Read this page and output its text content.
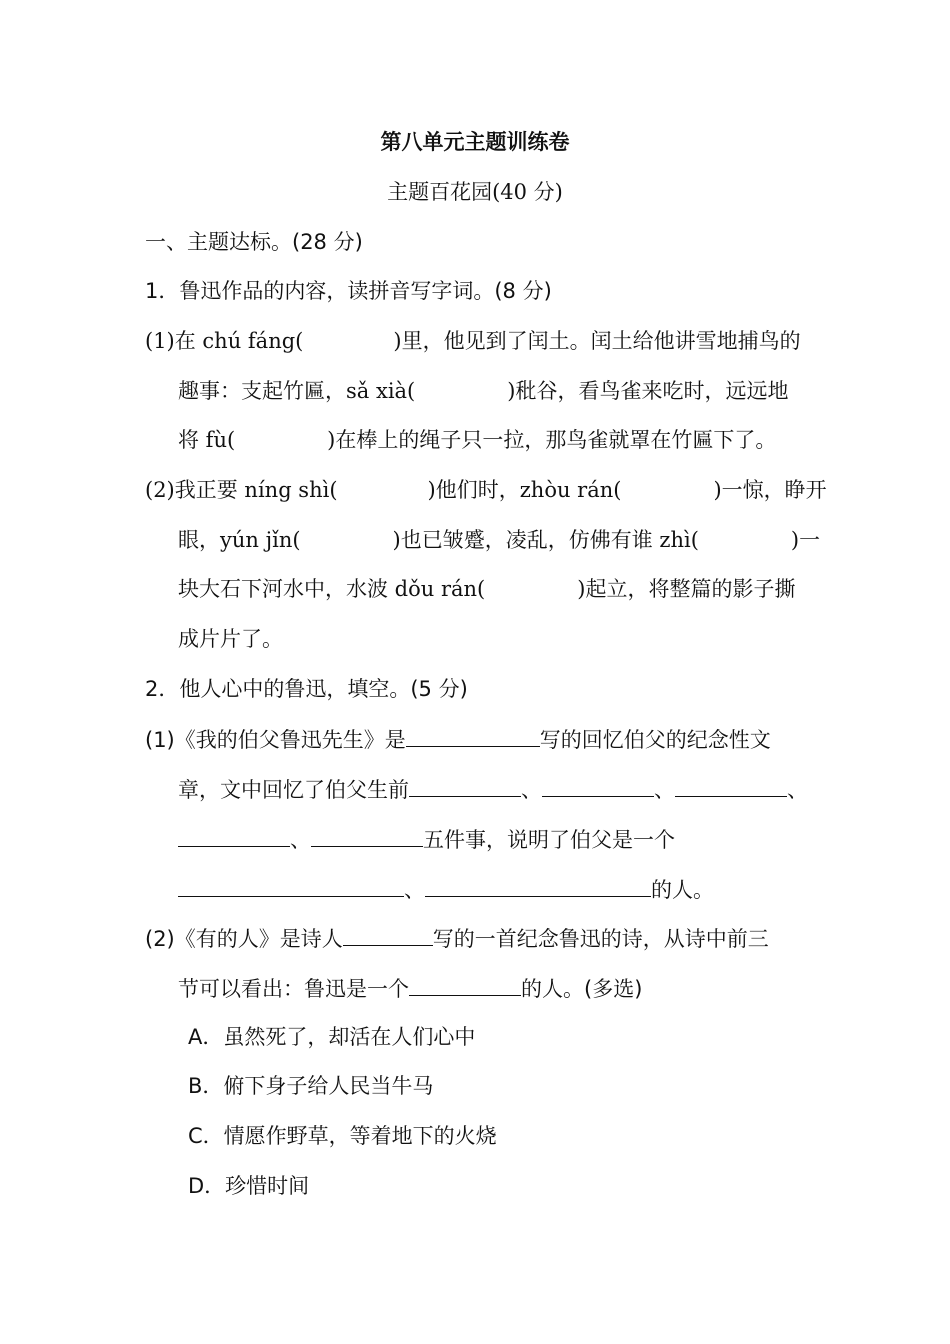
第八单元主题训练卷
主题百花园(40 分)
一、主题达标。(28 分)
1．鲁迅作品的内容，读拼音写字词。(8 分)
(1)在 chú fáng(	)里，他见到了闰土。闰土给他讲雪地捕鸟的
趣事：支起竹匾，sǎ xià(	)秕谷，看鸟雀来吃时，远远地
将 fù(	)在棒上的绳子只一拉，那鸟雀就罩在竹匾下了。
(2)我正要 níng shì(	)他们时，zhòu rán(	)一惊，睁开
眼，yún jǐn(	)也已皱蹙，凌乱，仿佛有谁 zhì(	)一
块大石下河水中，水波 dǒu rán(	)起立，将整篇的影子撕
成片片了。
2．他人心中的鲁迅，填空。(5 分)
(1)《我的伯父鲁迅先生》是	写的回忆伯父的纪念性文
章，文中回忆了伯父生前	、	、	、
、	五件事，说明了伯父是一个
、	的人。
(2)《有的人》是诗人	写的一首纪念鲁迅的诗，从诗中前三
节可以看出：鲁迅是一个	的人。(多选)
A．虽然死了，却活在人们心中
B．俯下身子给人民当牛马
C．情愿作野草，等着地下的火烧
D．珍惜时间
